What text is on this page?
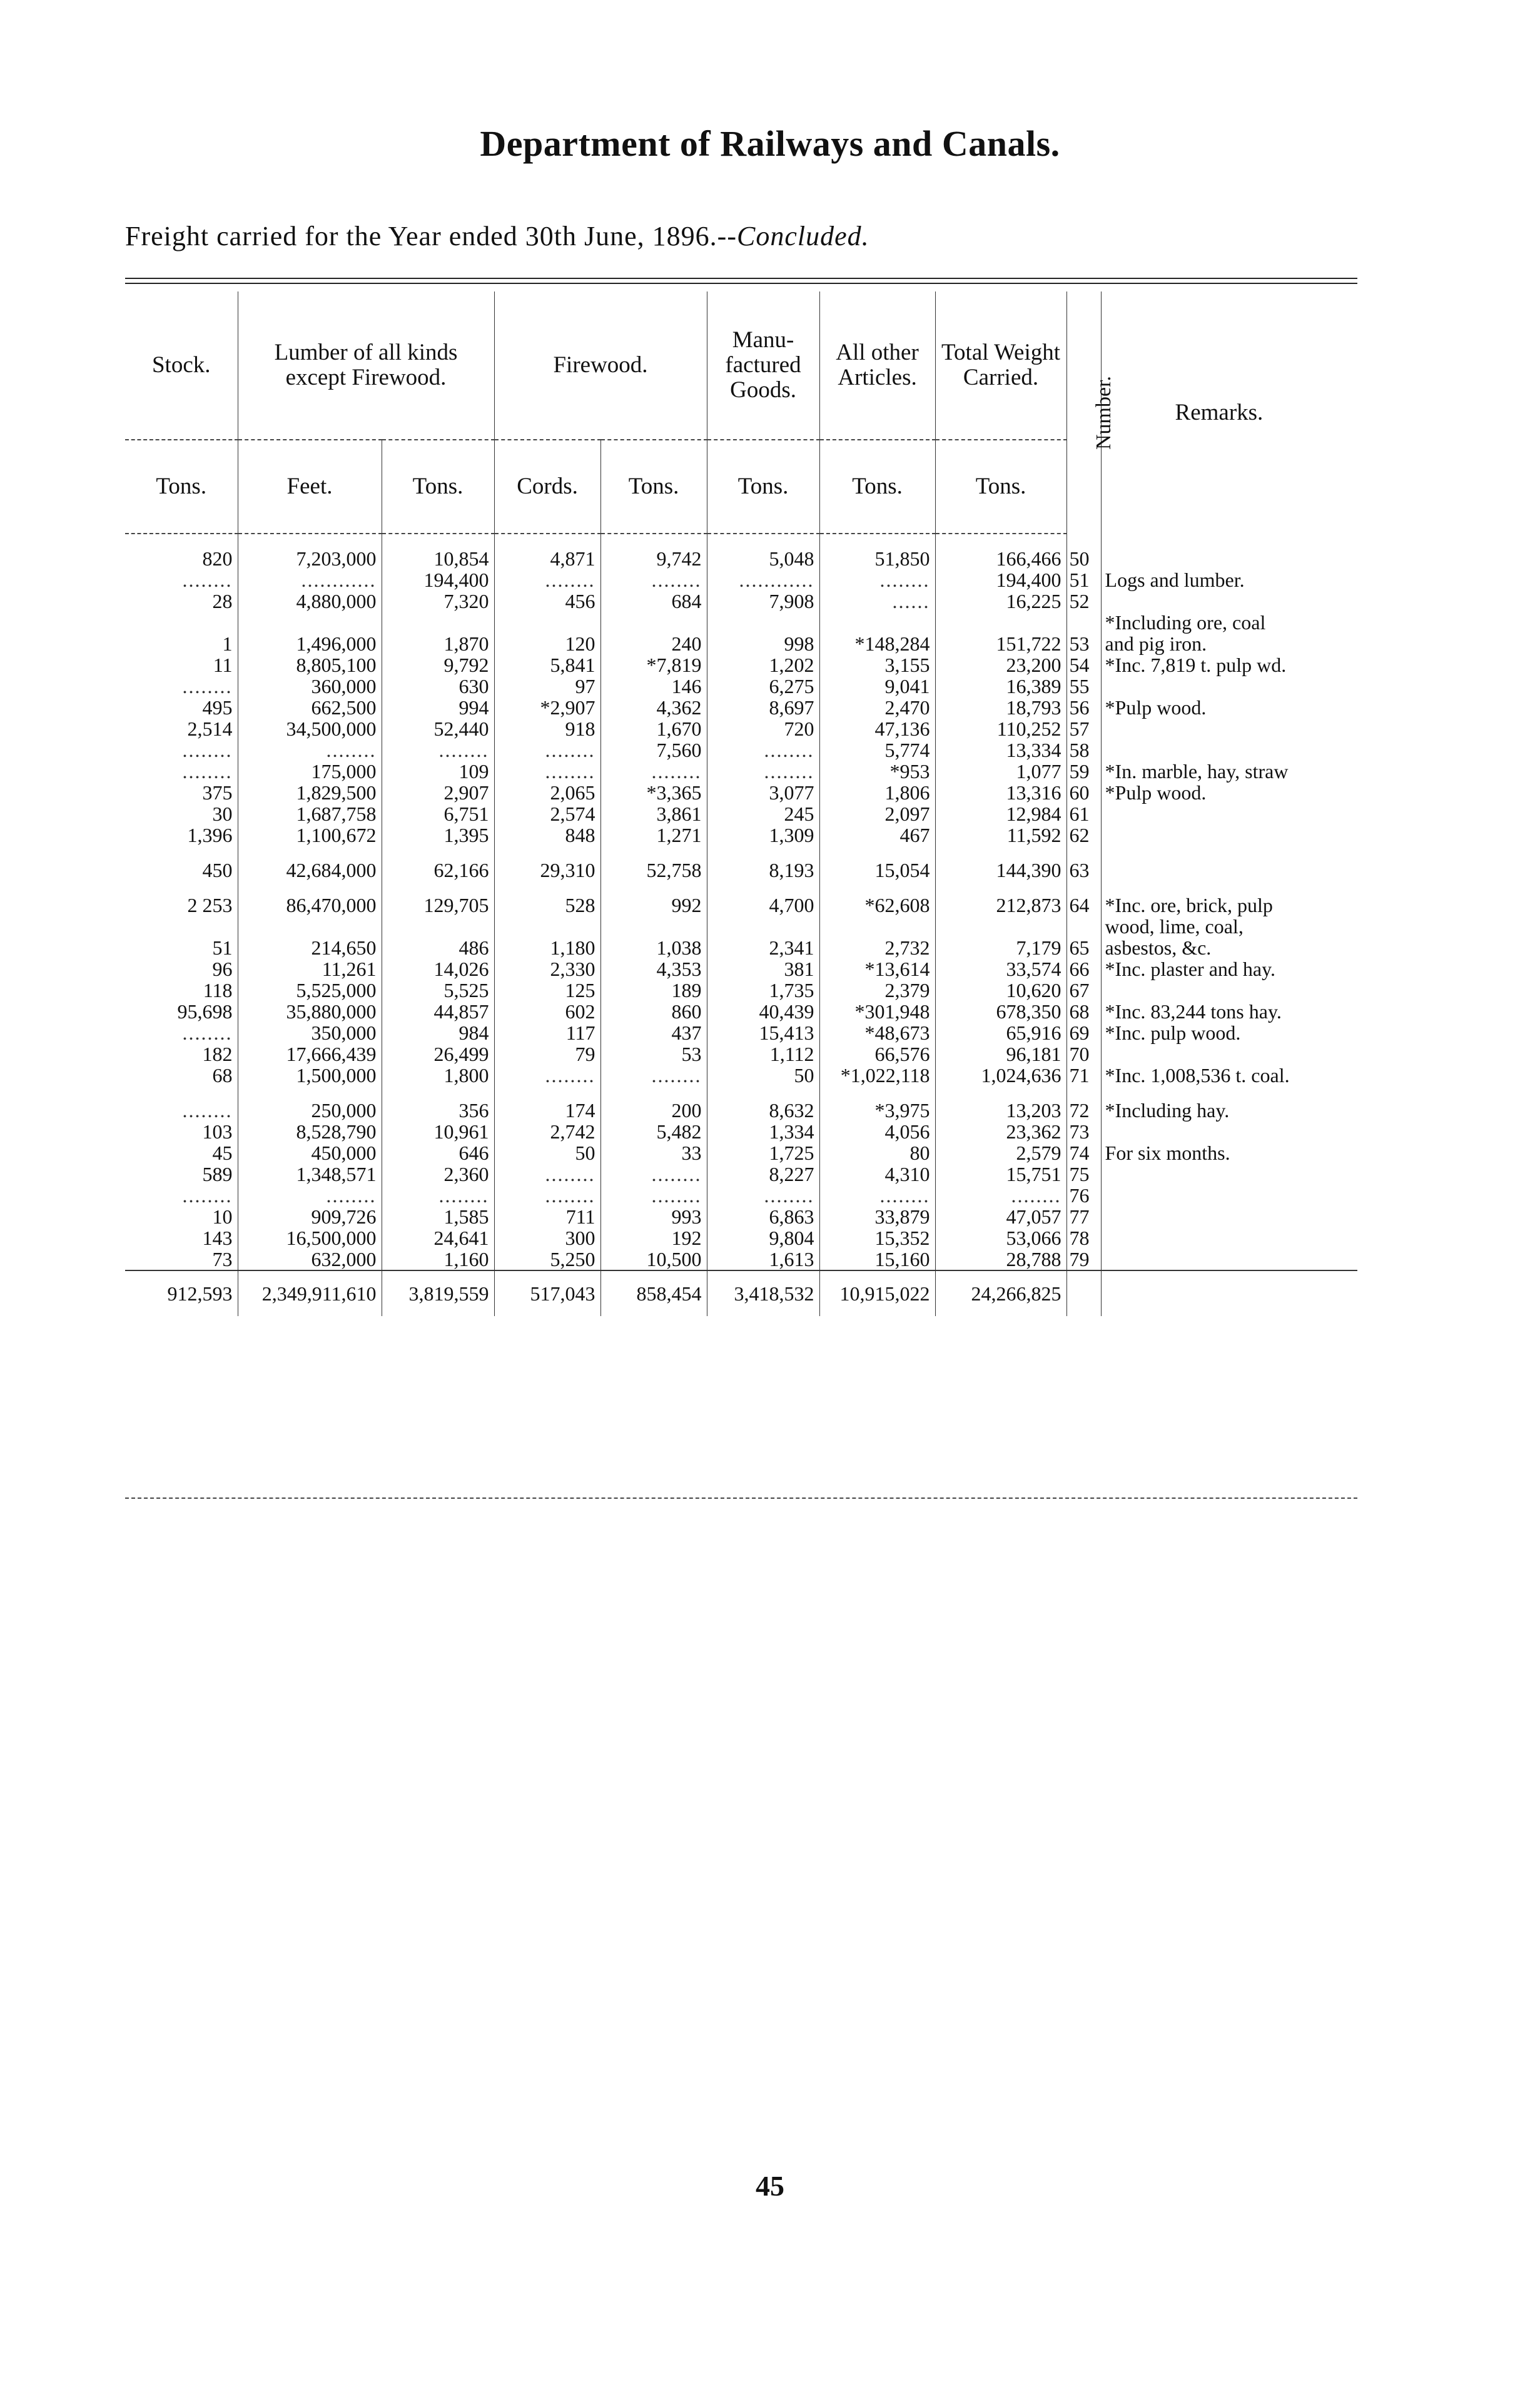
Department of Railways and Canals.
Freight carried for the Year ended 30th June, 1896.--Concluded.
Stock.	Lumber of all kinds except Firewood.		Firewood.		Manu- factured Goods.	All other Articles.	Total Weight Carried.	Number.	Remarks.
Tons.	Feet.	Tons.	Cords.	Tons.	Tons.	Tons.	Tons.		

820	7,203,000	10,854	4,871	9,742	5,048	51,850	166,466	50	
........	............	194,400	........	........	............	........	194,400	51	Logs and lumber.
28	4,880,000	7,320	456	684	7,908	......	16,225	52	
									*Including ore, coal
1	1,496,000	1,870	120	240	998	*148,284	151,722	53	and pig iron.
11	8,805,100	9,792	5,841	*7,819	1,202	3,155	23,200	54	*Inc. 7,819 t. pulp wd.
........	360,000	630	97	146	6,275	9,041	16,389	55	
495	662,500	994	*2,907	4,362	8,697	2,470	18,793	56	*Pulp wood.
2,514	34,500,000	52,440	918	1,670	720	47,136	110,252	57	
........	........	........	........	7,560	........	5,774	13,334	58	
........	175,000	109	........	........	........	*953	1,077	59	*In. marble, hay, straw
375	1,829,500	2,907	2,065	*3,365	3,077	1,806	13,316	60	*Pulp wood.
30	1,687,758	6,751	2,574	3,861	245	2,097	12,984	61	
1,396	1,100,672	1,395	848	1,271	1,309	467	11,592	62	

450	42,684,000	62,166	29,310	52,758	8,193	15,054	144,390	63	

2 253	86,470,000	129,705	528	992	4,700	*62,608	212,873	64	*Inc. ore, brick, pulp
									wood, lime, coal,
51	214,650	486	1,180	1,038	2,341	2,732	7,179	65	asbestos, &c.
96	11,261	14,026	2,330	4,353	381	*13,614	33,574	66	*Inc. plaster and hay.
118	5,525,000	5,525	125	189	1,735	2,379	10,620	67	
95,698	35,880,000	44,857	602	860	40,439	*301,948	678,350	68	*Inc. 83,244 tons hay.
........	350,000	984	117	437	15,413	*48,673	65,916	69	*Inc. pulp wood.
182	17,666,439	26,499	79	53	1,112	66,576	96,181	70	
68	1,500,000	1,800	........	........	50	*1,022,118	1,024,636	71	*Inc. 1,008,536 t. coal.

........	250,000	356	174	200	8,632	*3,975	13,203	72	*Including hay.
103	8,528,790	10,961	2,742	5,482	1,334	4,056	23,362	73	
45	450,000	646	50	33	1,725	80	2,579	74	For six months.
589	1,348,571	2,360	........	........	8,227	4,310	15,751	75	
........	........	........	........	........	........	........	........	76	
10	909,726	1,585	711	993	6,863	33,879	47,057	77	
143	16,500,000	24,641	300	192	9,804	15,352	53,066	78	
73	632,000	1,160	5,250	10,500	1,613	15,160	28,788	79	
912,593	2,349,911,610	3,819,559	517,043	858,454	3,418,532	10,915,022	24,266,825		
45
